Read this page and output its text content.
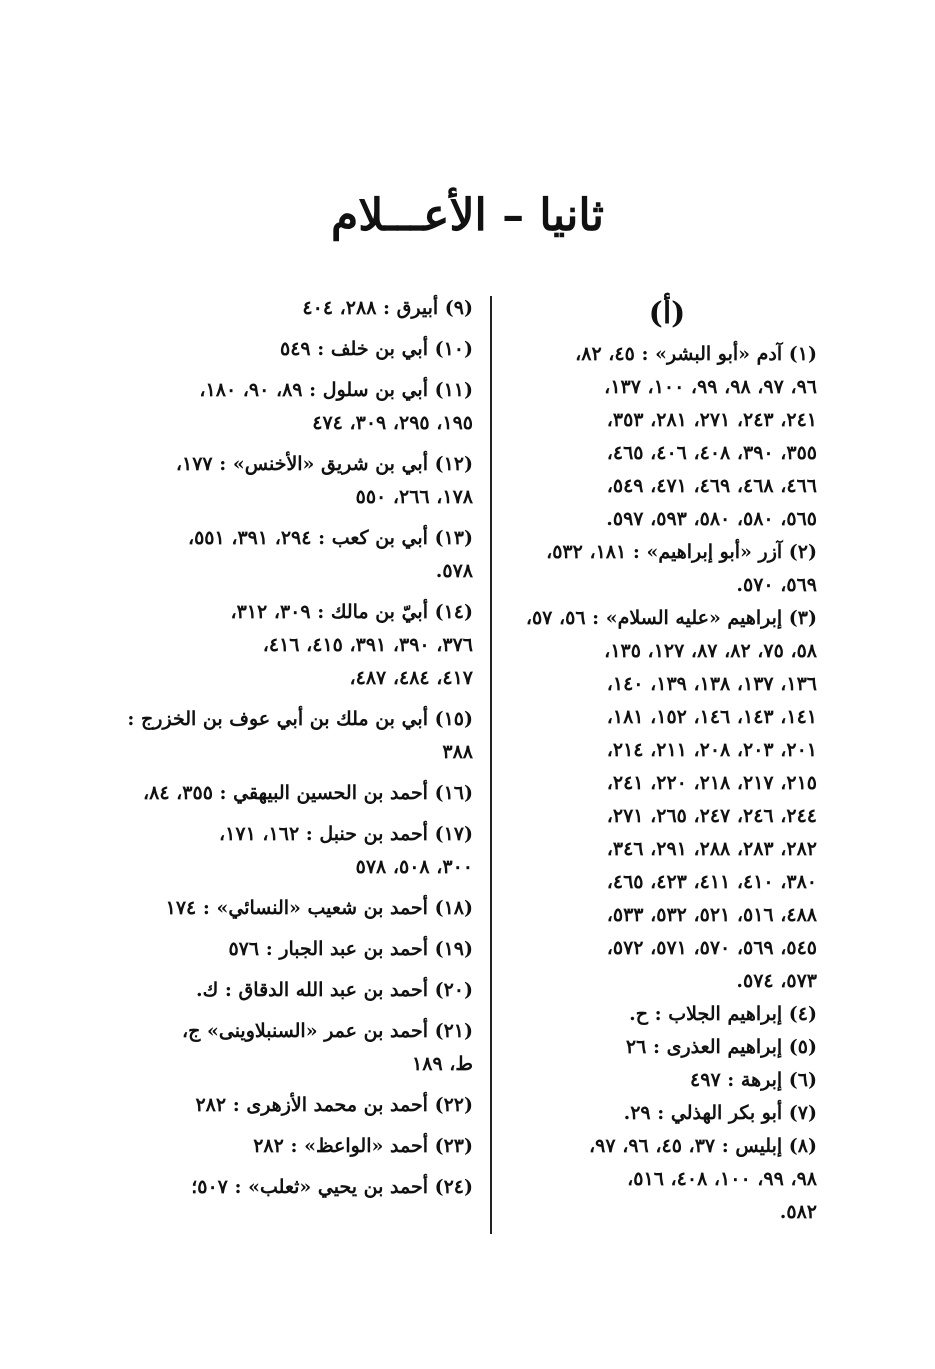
ثانيا – الأعـــلام
(أ)
(١) آدم «أبو البشر» : ٤٥، ٨٢،
٩٦، ٩٧، ٩٨، ٩٩، ١٠٠، ١٣٧،
٢٤١، ٢٤٣، ٢٧١، ٢٨١، ٣٥٣،
٣٥٥، ٣٩٠، ٤٠٨، ٤٠٦، ٤٦٥،
٤٦٦، ٤٦٨، ٤٦٩، ٤٧١، ٥٤٩،
٥٦٥، ٥٨٠، ٥٨٠، ٥٩٣، ٥٩٧.
(٢) آزر «أبو إبراهيم» : ١٨١، ٥٣٢،
٥٦٩، ٥٧٠.
(٣) إبراهيم «عليه السلام» : ٥٦، ٥٧،
٥٨، ٧٥، ٨٢، ٨٧، ١٢٧، ١٣٥،
١٣٦، ١٣٧، ١٣٨، ١٣٩، ١٤٠،
١٤١، ١٤٣، ١٤٦، ١٥٢، ١٨١،
٢٠١، ٢٠٣، ٢٠٨، ٢١١، ٢١٤،
٢١٥، ٢١٧، ٢١٨، ٢٢٠، ٢٤١،
٢٤٤، ٢٤٦، ٢٤٧، ٢٦٥، ٢٧١،
٢٨٢، ٢٨٣، ٢٨٨، ٢٩١، ٣٤٦،
٣٨٠، ٤١٠، ٤١١، ٤٢٣، ٤٦٥،
٤٨٨، ٥١٦، ٥٢١، ٥٣٢، ٥٣٣،
٥٤٥، ٥٦٩، ٥٧٠، ٥٧١، ٥٧٢،
٥٧٣، ٥٧٤.
(٤) إبراهيم الجلاب : ح.
(٥) إبراهيم العذرى : ٢٦
(٦) إبرهة : ٤٩٧
(٧) أبو بكر الهذلي : ٢٩.
(٨) إبليس : ٣٧، ٤٥، ٩٦، ٩٧،
٩٨، ٩٩، ١٠٠، ٤٠٨، ٥١٦،
٥٨٢.
(٩) أبيرق : ٢٨٨، ٤٠٤
(١٠) أبي بن خلف : ٥٤٩
(١١) أبي بن سلول : ٨٩، ٩٠، ١٨٠،
١٩٥، ٢٩٥، ٣٠٩، ٤٧٤
(١٢) أبي بن شريق «الأخنس» : ١٧٧،
١٧٨، ٢٦٦، ٥٥٠
(١٣) أبي بن كعب : ٢٩٤، ٣٩١، ٥٥١،
٥٧٨.
(١٤) أبيّ بن مالك : ٣٠٩، ٣١٢،
٣٧٦، ٣٩٠، ٣٩١، ٤١٥، ٤١٦،
٤١٧، ٤٨٤، ٤٨٧،
(١٥) أبي بن ملك بن أبي عوف بن الخزرج :
٣٨٨
(١٦) أحمد بن الحسين البيهقي : ٣٥٥، ٨٤،
(١٧) أحمد بن حنبل : ١٦٢، ١٧١،
٣٠٠، ٥٠٨، ٥٧٨
(١٨) أحمد بن شعيب «النسائي» : ١٧٤
(١٩) أحمد بن عبد الجبار : ٥٧٦
(٢٠) أحمد بن عبد الله الدقاق : ك.
(٢١) أحمد بن عمر «السنبلاوينى» ج،
ط، ١٨٩
(٢٢) أحمد بن محمد الأزهرى : ٢٨٢
(٢٣) أحمد «الواعظ» : ٢٨٢
(٢٤) أحمد بن يحيي «ثعلب» : ٥٠٧؛
